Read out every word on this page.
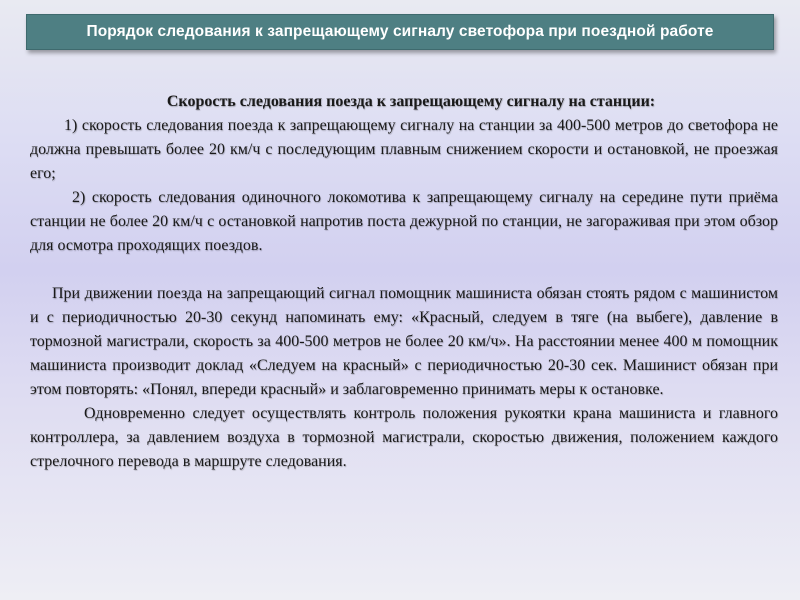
Порядок следования к запрещающему сигналу светофора при поездной работе

Скорость следования поезда к запрещающему сигналу на станции:

1) скорость следования поезда к запрещающему сигналу на станции за 400-500 метров до светофора не должна превышать более 20 км/ч с последующим плавным снижением скорости и остановкой, не проезжая его;

2) скорость следования одиночного локомотива к запрещающему сигналу на середине пути приёма станции не более 20 км/ч с остановкой напротив поста дежурной по станции, не загораживая при этом обзор для осмотра проходящих поездов.

При движении поезда на запрещающий сигнал помощник машиниста обязан стоять рядом с машинистом и с периодичностью 20-30 секунд напоминать ему: «Красный, следуем в тяге (на выбеге), давление в тормозной магистрали, скорость за 400-500 метров не более 20 км/ч». На расстоянии менее 400 м помощник машиниста производит доклад «Следуем на красный» с периодичностью 20-30 сек. Машинист обязан при этом повторять: «Понял, впереди красный» и заблаговременно принимать меры к остановке.

Одновременно следует осуществлять контроль положения рукоятки крана машиниста и главного контроллера, за давлением воздуха в тормозной магистрали, скоростью движения, положением каждого стрелочного перевода в маршруте следования.
